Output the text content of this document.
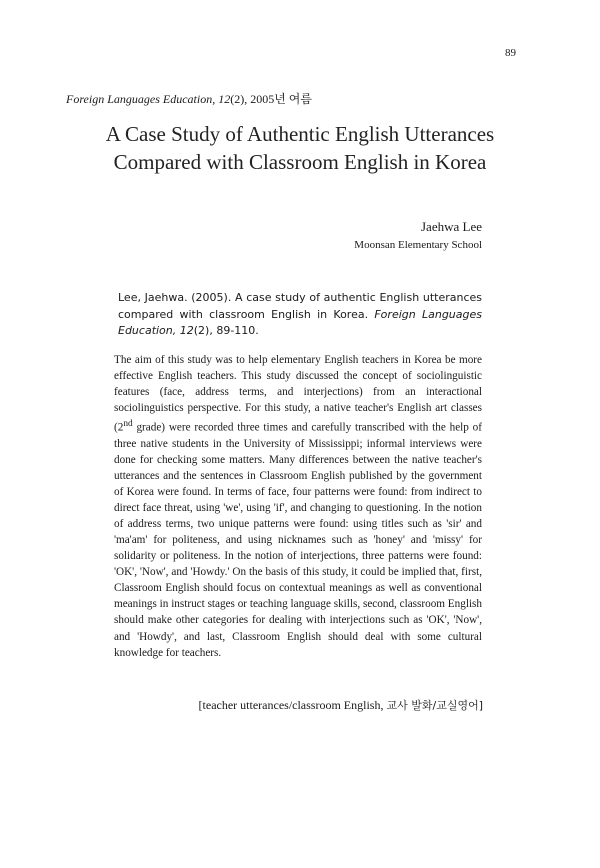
89
Foreign Languages Education, 12(2), 2005년 여름
A Case Study of Authentic English Utterances
Compared with Classroom English in Korea
Jaehwa Lee
Moonsan Elementary School
Lee, Jaehwa. (2005). A case study of authentic English utterances compared with classroom English in Korea. Foreign Languages Education, 12(2), 89-110.

The aim of this study was to help elementary English teachers in Korea be more effective English teachers. This study discussed the concept of sociolinguistic features (face, address terms, and interjections) from an interactional sociolinguistics perspective. For this study, a native teacher's English art classes (2nd grade) were recorded three times and carefully transcribed with the help of three native students in the University of Mississippi; informal interviews were done for checking some matters. Many differences between the native teacher's utterances and the sentences in Classroom English published by the government of Korea were found. In terms of face, four patterns were found: from indirect to direct face threat, using 'we', using 'if', and changing to questioning. In the notion of address terms, two unique patterns were found: using titles such as 'sir' and 'ma'am' for politeness, and using nicknames such as 'honey' and 'missy' for solidarity or politeness. In the notion of interjections, three patterns were found: 'OK', 'Now', and 'Howdy.' On the basis of this study, it could be implied that, first, Classroom English should focus on contextual meanings as well as conventional meanings in instruct stages or teaching language skills, second, classroom English should make other categories for dealing with interjections such as 'OK', 'Now', and 'Howdy', and last, Classroom English should deal with some cultural knowledge for teachers.

[teacher utterances/classroom English, 교사 발화/교실영어]
